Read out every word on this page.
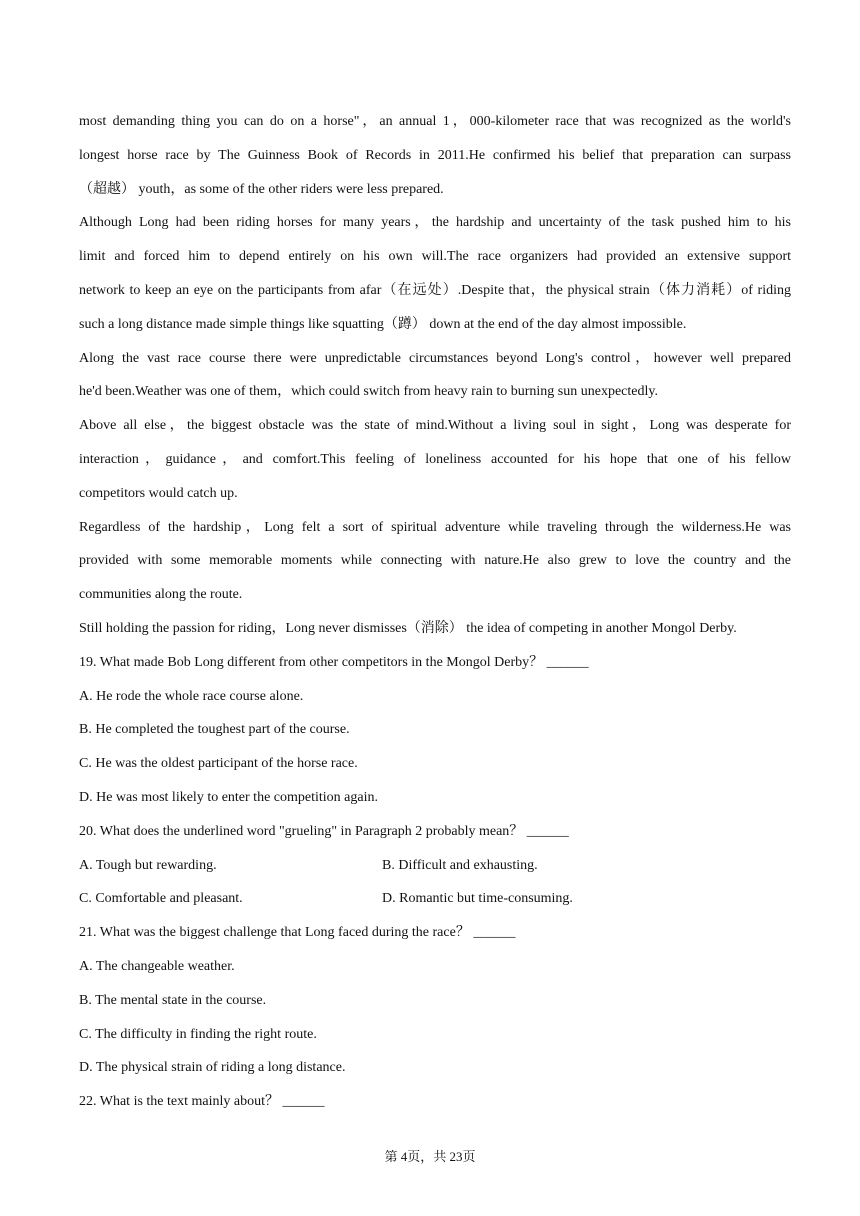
most demanding thing you can do on a horse"，an annual 1，000-kilometer race that was recognized as the world's
longest horse race by The Guinness Book of Records in 2011.He confirmed his belief that preparation can surpass
（超越） youth，as some of the other riders were less prepared.
Although Long had been riding horses for many years，the hardship and uncertainty of the task pushed him to his
limit and forced him to depend entirely on his own will.The race organizers had provided an extensive support
network to keep an eye on the participants from afar（在远处）.Despite that，the physical strain（体力消耗）of riding
such a long distance made simple things like squatting（蹲） down at the end of the day almost impossible.
Along the vast race course there were unpredictable circumstances beyond Long's control，however well prepared
he'd been.Weather was one of them，which could switch from heavy rain to burning sun unexpectedly.
Above all else，the biggest obstacle was the state of mind.Without a living soul in sight，Long was desperate for
interaction，guidance，and comfort.This feeling of loneliness accounted for his hope that one of his fellow
competitors would catch up.
Regardless of the hardship，Long felt a sort of spiritual adventure while traveling through the wilderness.He was
provided with some memorable moments while connecting with nature.He also grew to love the country and the
communities along the route.
Still holding the passion for riding，Long never dismisses（消除） the idea of competing in another Mongol Derby.
19. What made Bob Long different from other competitors in the Mongol Derby？ ______
A. He rode the whole race course alone.
B. He completed the toughest part of the course.
C. He was the oldest participant of the horse race.
D. He was most likely to enter the competition again.
20. What does the underlined word "grueling" in Paragraph 2 probably mean？ ______
A. Tough but rewarding.	B. Difficult and exhausting.
C. Comfortable and pleasant.	D. Romantic but time-consuming.
21. What was the biggest challenge that Long faced during the race？ ______
A. The changeable weather.
B. The mental state in the course.
C. The difficulty in finding the right route.
D. The physical strain of riding a long distance.
22. What is the text mainly about？ ______
第 4页，共 23页
